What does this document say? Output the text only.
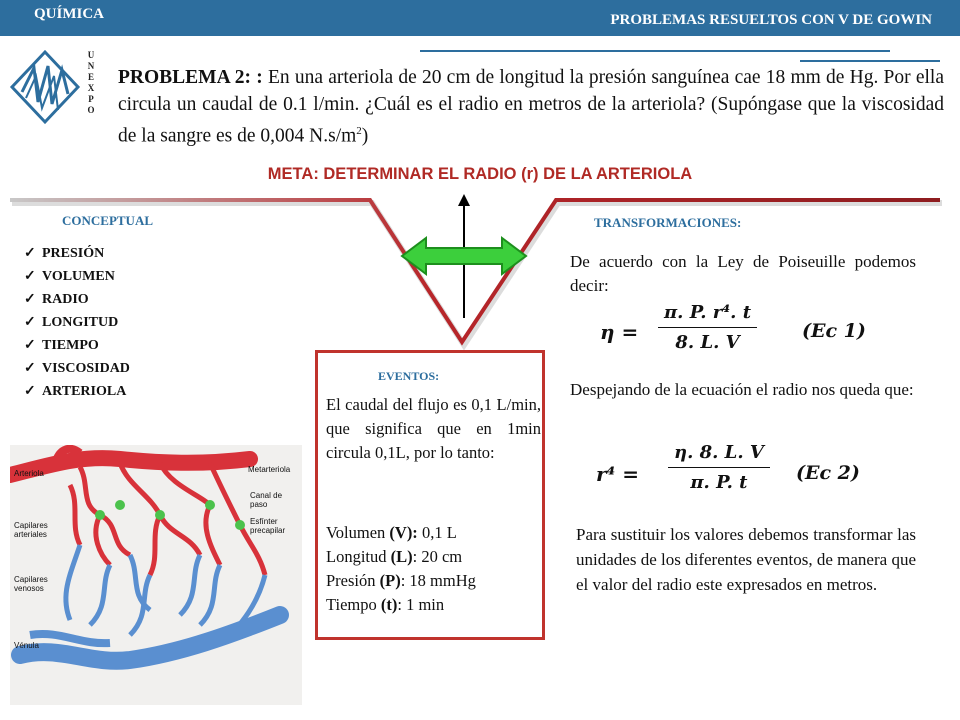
QUÍMICA	PROBLEMAS RESUELTOS CON V DE GOWIN
U
N
E
X
P
O
PROBLEMA 2: : En una arteriola de 20 cm de longitud la presión sanguínea cae 18 mm de Hg. Por ella circula un caudal de 0.1 l/min. ¿Cuál es el radio en metros de la arteriola? (Supóngase que la viscosidad de la sangre es de 0,004 $N.s/m^2$)
META: DETERMINAR EL RADIO (r) DE LA ARTERIOLA
CONCEPTUAL
✓ PRESIÓN
✓ VOLUMEN
✓ RADIO
✓ LONGITUD
✓ TIEMPO
✓ VISCOSIDAD
✓ ARTERIOLA
TRANSFORMACIONES:
De acuerdo con la Ley de Poiseuille podemos decir:
$\eta = \frac{\text{π. P. r⁴. t}}{8. L. V} (Ec$ 1)
Despejando de la ecuación el radio nos queda que:
$r^4 = \frac{\eta. 8. L. V}{\pi. P. t} (Ec$ 2)
Para sustituir los valores debemos transformar las unidades de los diferentes eventos, de manera que el valor del radio este expresados en metros.
EVENTOS:
El caudal del flujo es 0,1 L/min, que significa que en 1min circula 0,1L, por lo tanto:
Volumen (V): 0,1 L
Longitud (L): 20 cm
Presión (P): 18 mmHg
Tiempo (t): 1 min
Arteriola	Metarteriola
Canal de paso
Esfínter precapilar
Capilares arteriales
Capilares venosos
Vénula
